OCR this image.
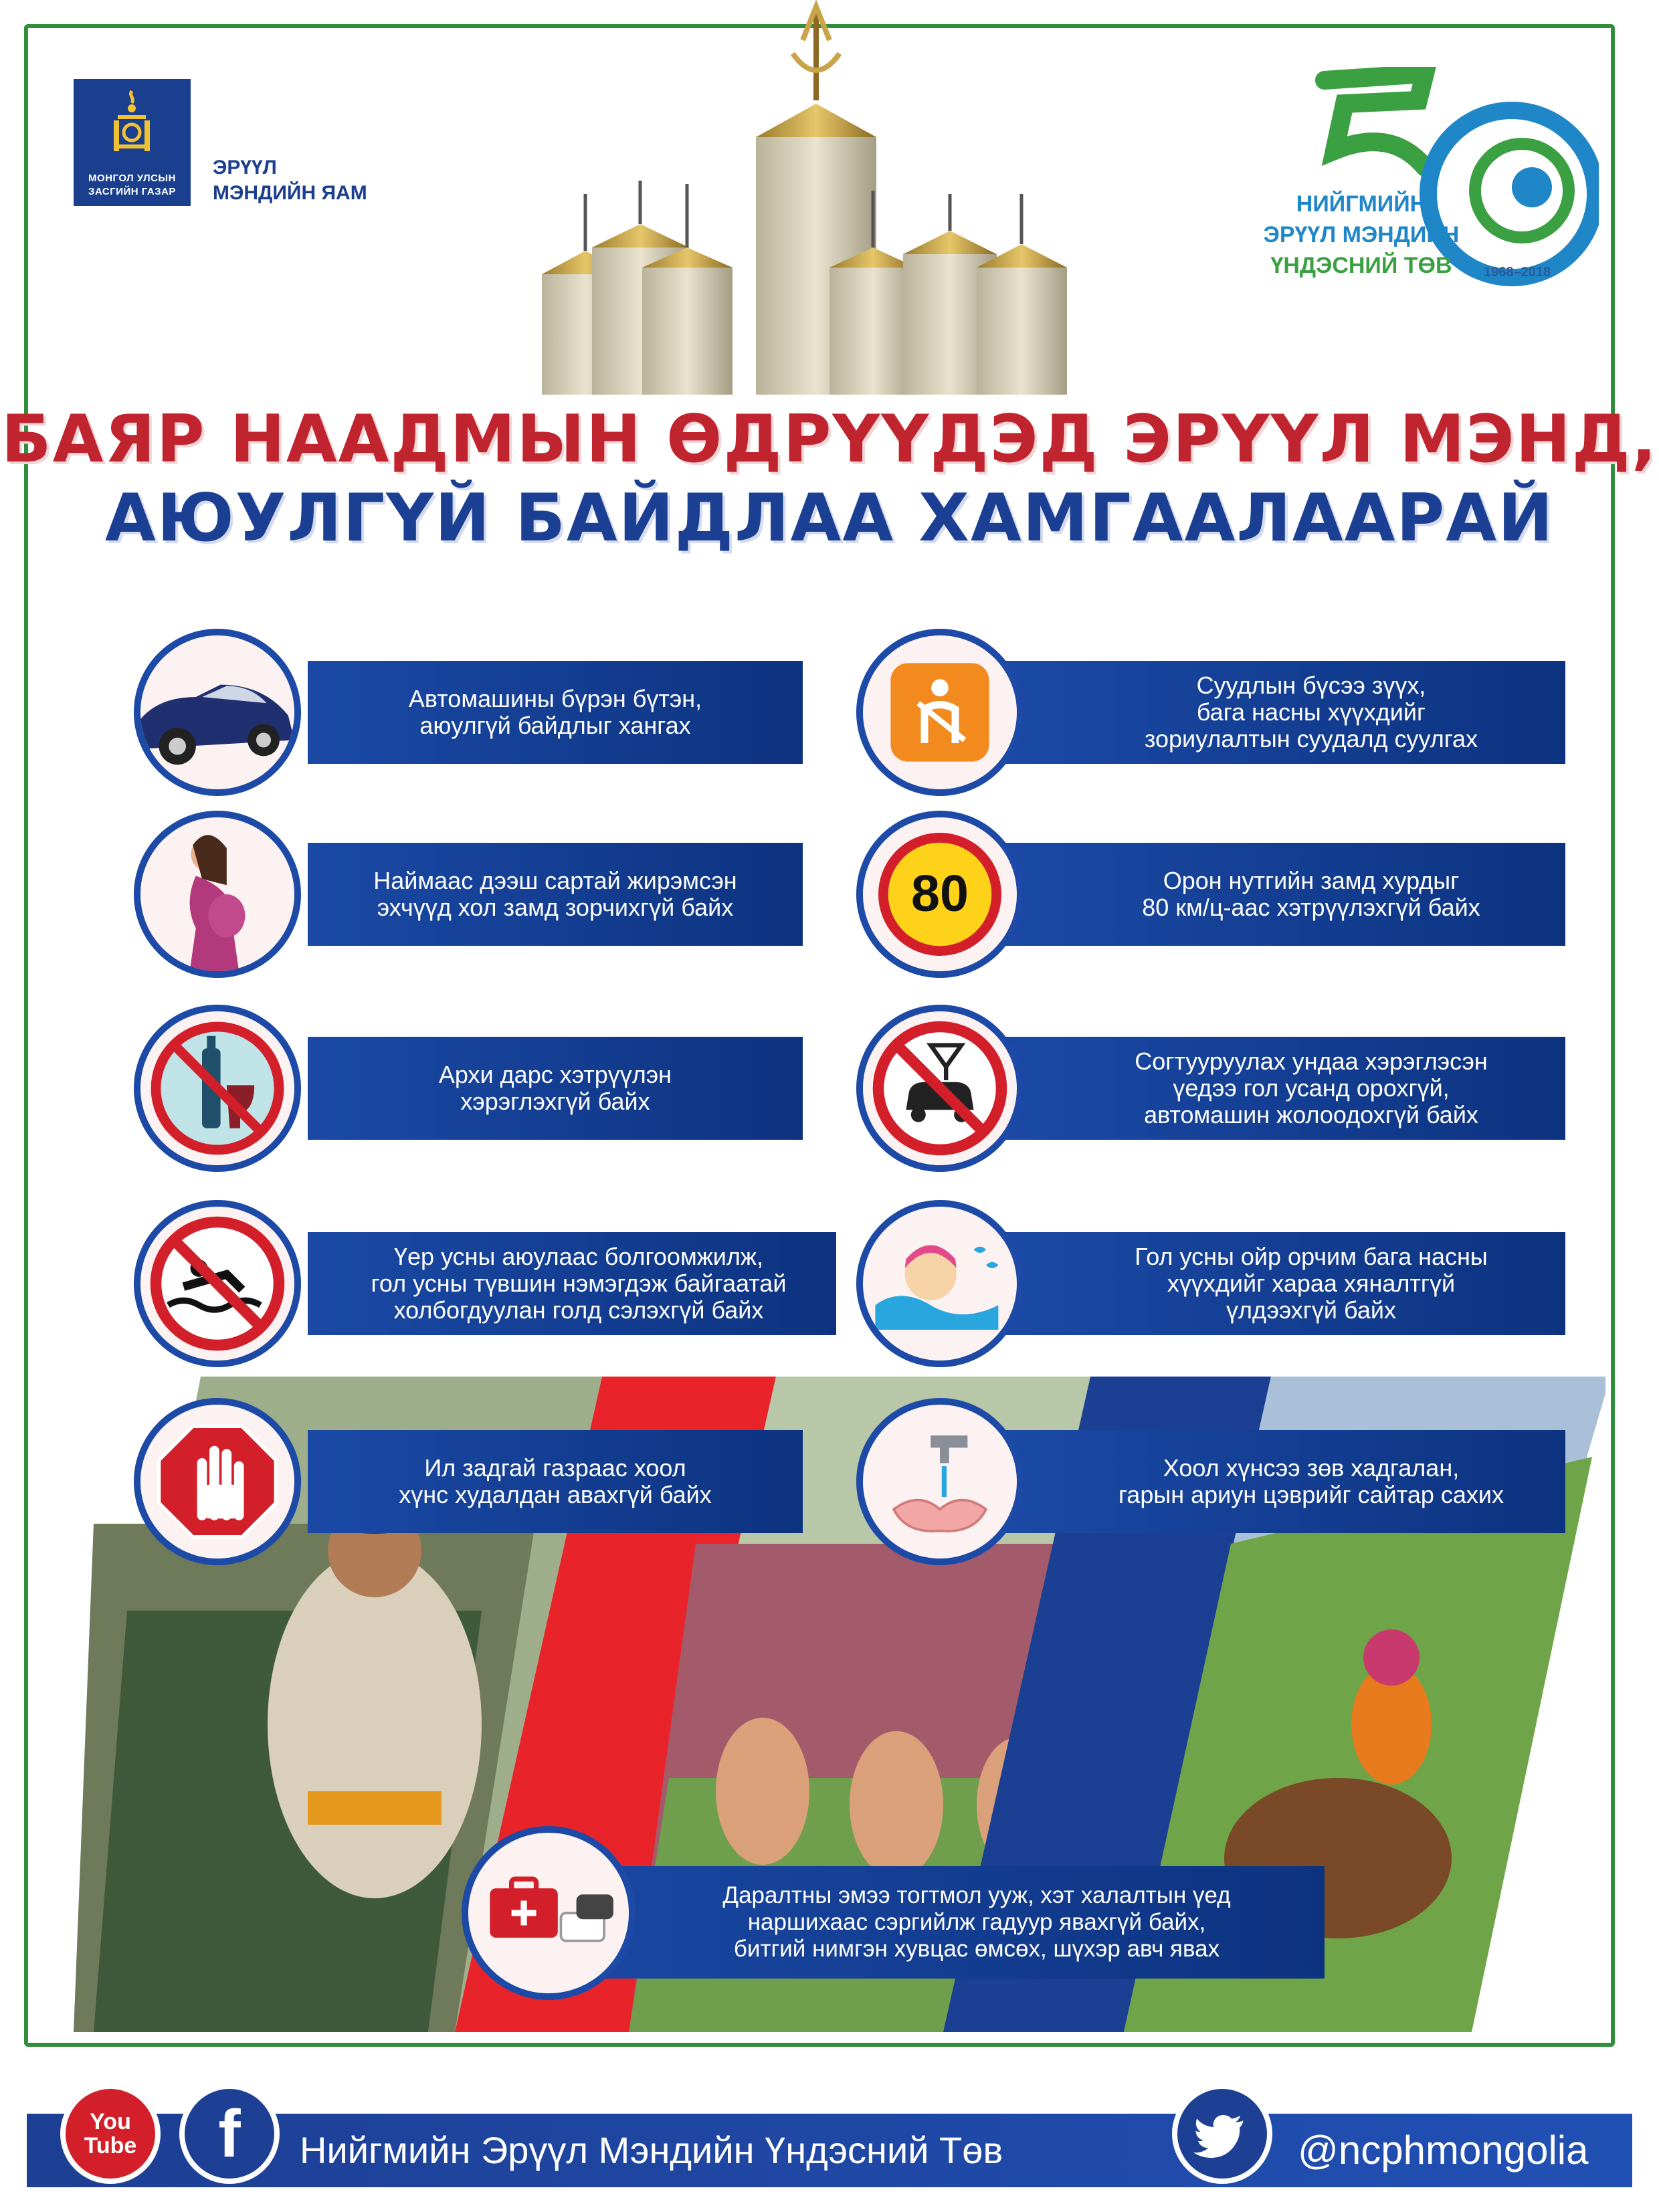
МОНГОЛ УЛСЫН
ЗАСГИЙН ГАЗАР
ЭРҮҮЛ
МЭНДИЙН ЯАМ	НИЙГМИЙН
ЭРҮҮЛ МЭНДИЙН
ҮНДЭСНИЙ ТӨВ	1968–2018
БАЯР НААДМЫН ӨДРҮҮДЭД ЭРҮҮЛ МЭНД,
АЮУЛГҮЙ БАЙДЛАА ХАМГААЛААРАЙ
Автомашины бүрэн бүтэн,
аюулгүй байдлыг хангах
Наймаас дээш сартай жирэмсэн
эхчүүд хол замд зорчихгүй байх
Архи дарс хэтрүүлэн
хэрэглэхгүй байх
Үер усны аюулаас болгоомжилж,
гол усны түвшин нэмэгдэж байгаатай
холбогдуулан голд сэлэхгүй байх
Ил задгай газраас хоол
хүнс худалдан авахгүй байх
Суудлын бүсээ зүүх,
бага насны хүүхдийг
зориулалтын суудалд суулгах
Орон нутгийн замд хурдыг
80 км/ц-аас хэтрүүлэхгүй байх
80
Согтууруулах ундаа хэрэглэсэн
үедээ гол усанд орохгүй,
автомашин жолоодохгүй байх
Гол усны ойр орчим бага насны
хүүхдийг хараа хяналтгүй
үлдээхгүй байх
Хоол хүнсээ зөв хадгалан,
гарын ариун цэврийг сайтар сахих
Даралтны эмээ тогтмол ууж, хэт халалтын үед
наршихаас сэргийлж гадуур явахгүй байх,
битгий нимгэн хувцас өмсөх, шүхэр авч явах
Нийгмийн Эрүүл Мэндийн Үндэсний Төв	@ncphmongolia
You
Tube f
